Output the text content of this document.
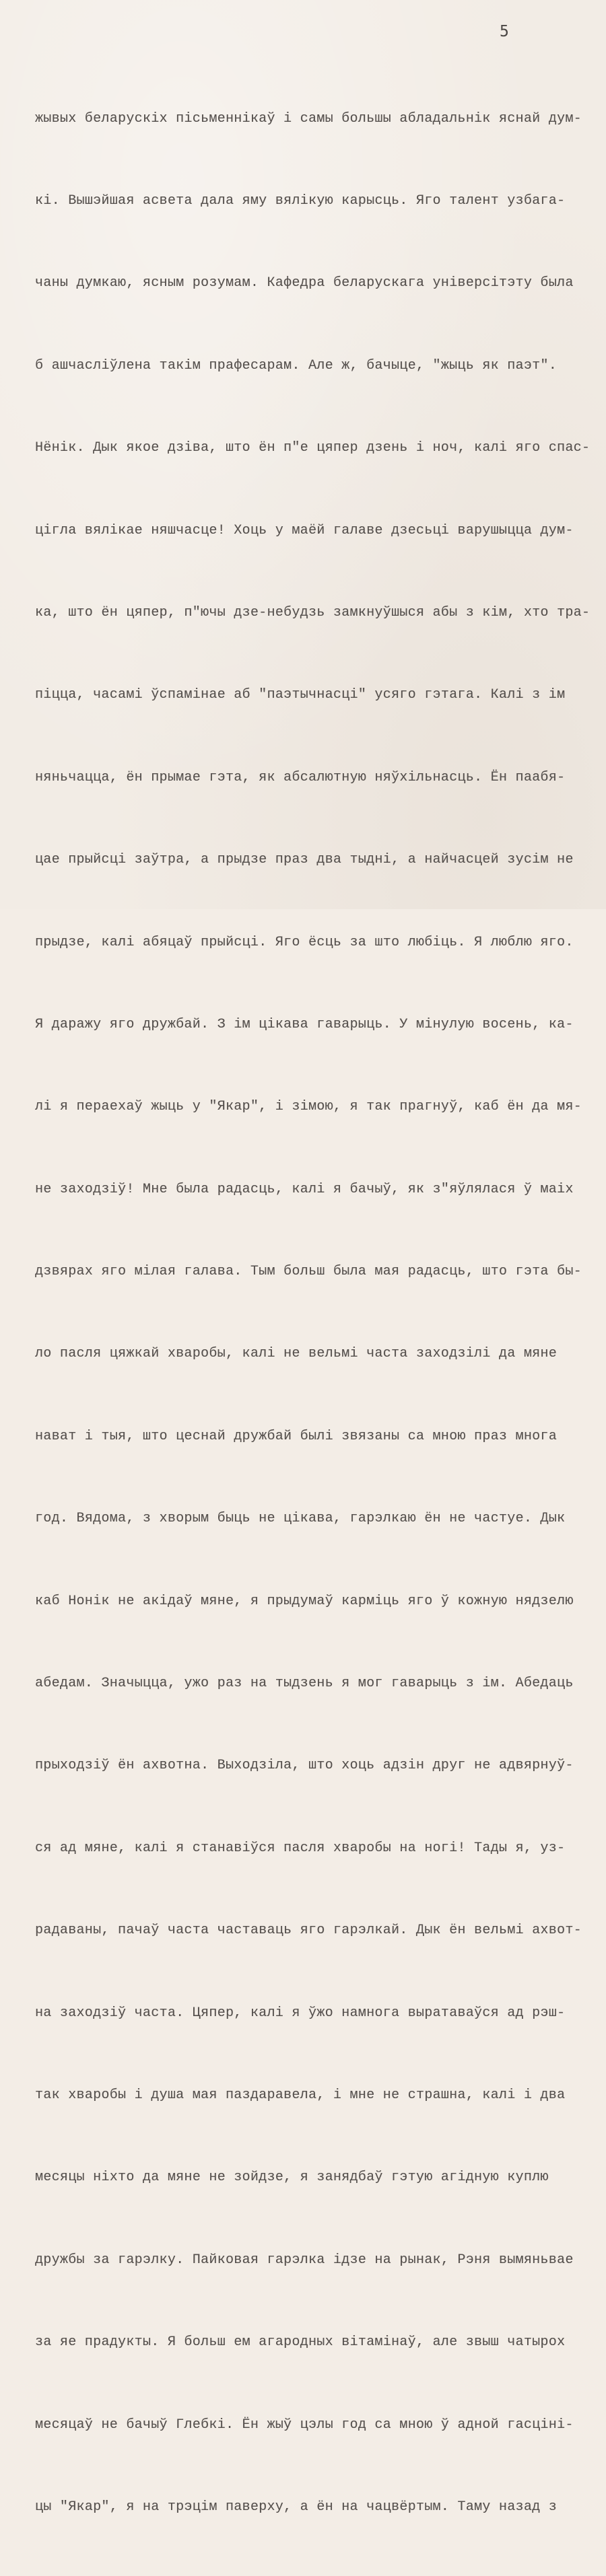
5

жывых беларускіх пісьменнікаў і самы большы абладальнік яснай дум-

кі. Вышэйшая асвета дала яму вялікую карысць. Яго талент узбага-

чаны думкаю, ясным розумам. Кафедра беларускага універсітэту была

б ашчасліўлена такім прафесарам. Але ж, бачыце, "жыць як паэт".

Нёнік. Дык якое дзіва, што ён п"е цяпер дзень і ноч, калі яго спас-

цігла вялікае няшчасце! Хоць у маёй галаве дзесьці варушыцца дум-

ка, што ён цяпер, п"ючы дзе-небудзь замкнуўшыся абы з кім, хто тра-

піцца, часамі ўспамінае аб "паэтычнасці" усяго гэтага. Калі з ім

няньчацца, ён прымае гэта, як абсалютную няўхільнасць. Ён паабя-

цае прыйсці заўтра, а прыдзе праз два тыдні, а найчасцей зусім не

прыдзе, калі абяцаў прыйсці. Яго ёсць за што любіць. Я люблю яго.

Я даражу яго дружбай. З ім цікава гаварыць. У мінулую восень, ка-

лі я пераехаў жыць у "Якар", і зімою, я так прагнуў, каб ён да мя-

не заходзіў! Мне была радасць, калі я бачыў, як з"яўлялася ў маіх

дзвярах яго мілая галава. Тым больш была мая радасць, што гэта бы-

ло пасля цяжкай хваробы, калі не вельмі часта заходзілі да мяне

нават і тыя, што цеснай дружбай былі звязаны са мною праз многа

год. Вядома, з хворым быць не цікава, гарэлкаю ён не частуе. Дык

каб Нонік не акідаў мяне, я прыдумаў карміць яго ў кожную нядзелю

абедам. Значыцца, ужо раз на тыдзень я мог гаварыць з ім. Абедаць

прыходзіў ён ахвотна. Выходзіла, што хоць адзін друг не адвярнуў-

ся ад мяне, калі я станавіўся пасля хваробы на ногі! Тады я, уз-

радаваны, пачаў часта частаваць яго гарэлкай. Дык ён вельмі ахвот-

на заходзіў часта. Цяпер, калі я ўжо намнога выратаваўся ад рэш-

так хваробы і душа мая паздаравела, і мне не страшна, калі і два

месяцы ніхто да мяне не зойдзе, я занядбаў гэтую агідную куплю

дружбы за гарэлку. Пайковая гарэлка ідзе на рынак, Рэня вымяньвае

за яе прадукты. Я больш ем агародных вітамінаў, але звыш чатырох

месяцаў не бачыў Глебкі. Ён жыў цэлы год са мною ў адной гасціні-

цы "Якар", я на трэцім паверху, а ён на чацвёртым. Таму назад з
